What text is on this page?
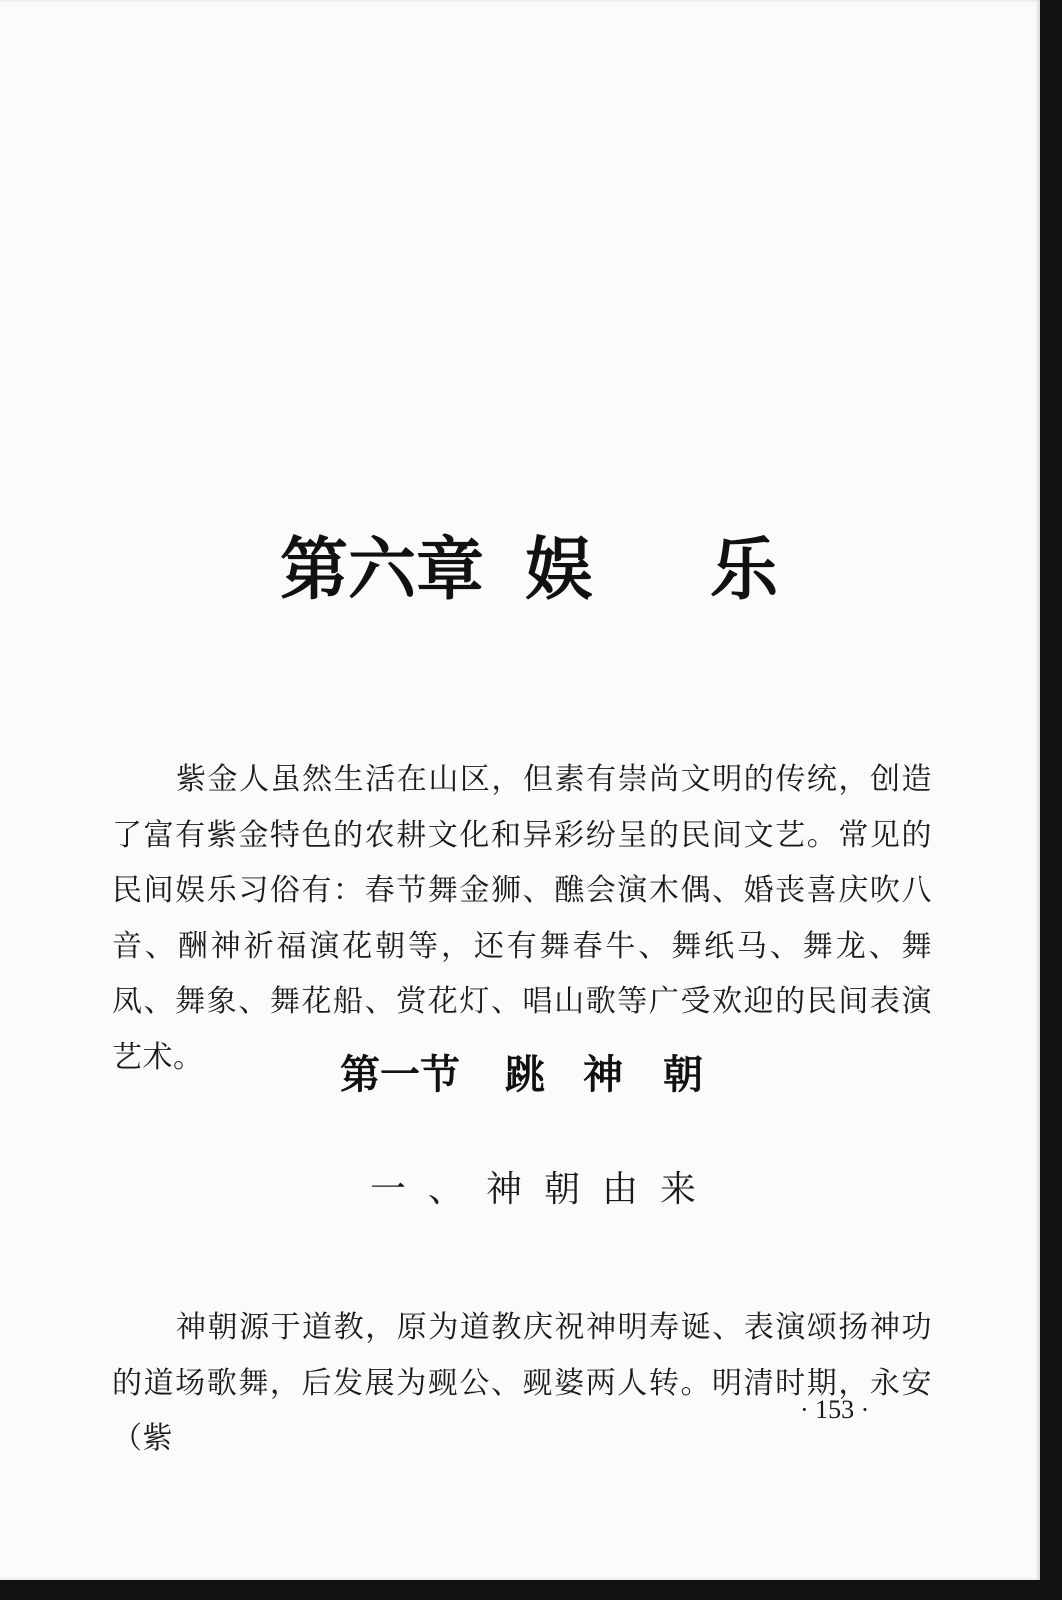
第六章 娱 乐

紫金人虽然生活在山区，但素有崇尚文明的传统，创造了富有紫金特色的农耕文化和异彩纷呈的民间文艺。常见的民间娱乐习俗有：春节舞金狮、醮会演木偶、婚丧喜庆吹八音、酬神祈福演花朝等，还有舞春牛、舞纸马、舞龙、舞凤、舞象、舞花船、赏花灯、唱山歌等广受欢迎的民间表演艺术。	第一节 跳 神 朝
一、神朝由来

神朝源于道教，原为道教庆祝神明寿诞、表演颂扬神功的道场歌舞，后发展为觋公、觋婆两人转。明清时期，永安（紫

· 153 ·
